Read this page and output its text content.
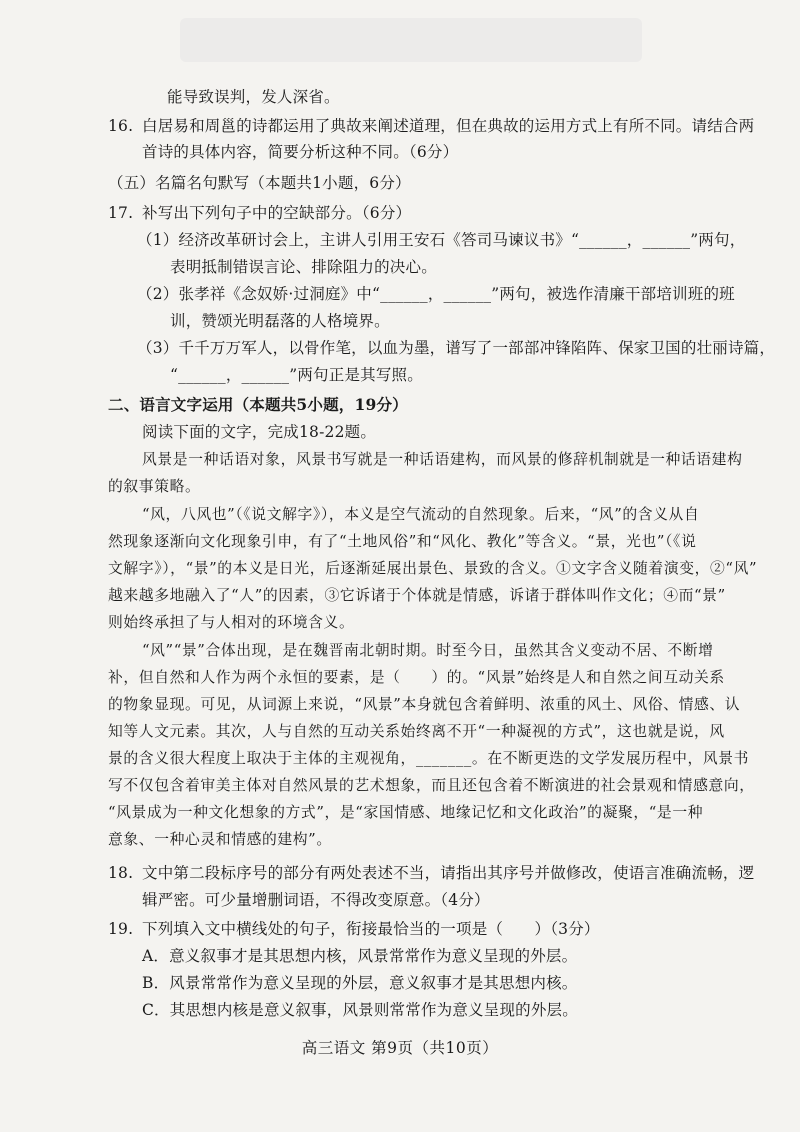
能导致误判，发人深省。
16. 白居易和周邕的诗都运用了典故来阐述道理，但在典故的运用方式上有所不同。请结合两
首诗的具体内容，简要分析这种不同。（6分）
（五）名篇名句默写（本题共1小题，6分）
17. 补写出下列句子中的空缺部分。（6分）
（1）经济改革研讨会上，主讲人引用王安石《答司马谏议书》“______，______”两句，
表明抵制错误言论、排除阻力的决心。
（2）张孝祥《念奴娇·过洞庭》中“______，______”两句，被选作清廉干部培训班的班
训，赞颂光明磊落的人格境界。
（3）千千万万军人，以骨作笔，以血为墨，谱写了一部部冲锋陷阵、保家卫国的壮丽诗篇，
“______，______”两句正是其写照。
二、语言文字运用（本题共5小题，19分）
阅读下面的文字，完成18-22题。
风景是一种话语对象，风景书写就是一种话语建构，而风景的修辞机制就是一种话语建构
的叙事策略。
“风，八风也”（《说文解字》），本义是空气流动的自然现象。后来，“风”的含义从自
然现象逐渐向文化现象引申，有了“土地风俗”和“风化、教化”等含义。“景，光也”（《说
文解字》），“景”的本义是日光，后逐渐延展出景色、景致的含义。①文字含义随着演变，②“风”
越来越多地融入了“人”的因素，③它诉诸于个体就是情感，诉诸于群体叫作文化；④而“景”
则始终承担了与人相对的环境含义。
“风”“景”合体出现，是在魏晋南北朝时期。时至今日，虽然其含义变动不居、不断增
补，但自然和人作为两个永恒的要素，是（　　）的。“风景”始终是人和自然之间互动关系
的物象显现。可见，从词源上来说，“风景”本身就包含着鲜明、浓重的风土、风俗、情感、认
知等人文元素。其次，人与自然的互动关系始终离不开“一种凝视的方式”，这也就是说，风
景的含义很大程度上取决于主体的主观视角，_______。在不断更迭的文学发展历程中，风景书
写不仅包含着审美主体对自然风景的艺术想象，而且还包含着不断演进的社会景观和情感意向，
“风景成为一种文化想象的方式”，是“家国情感、地缘记忆和文化政治”的凝聚，“是一种
意象、一种心灵和情感的建构”。
18. 文中第二段标序号的部分有两处表述不当，请指出其序号并做修改，使语言准确流畅，逻
辑严密。可少量增删词语，不得改变原意。（4分）
19. 下列填入文中横线处的句子，衔接最恰当的一项是（　　）（3分）
A．意义叙事才是其思想内核，风景常常作为意义呈现的外层。
B．风景常常作为意义呈现的外层，意义叙事才是其思想内核。
C．其思想内核是意义叙事，风景则常常作为意义呈现的外层。
高三语文 第9页（共10页）
